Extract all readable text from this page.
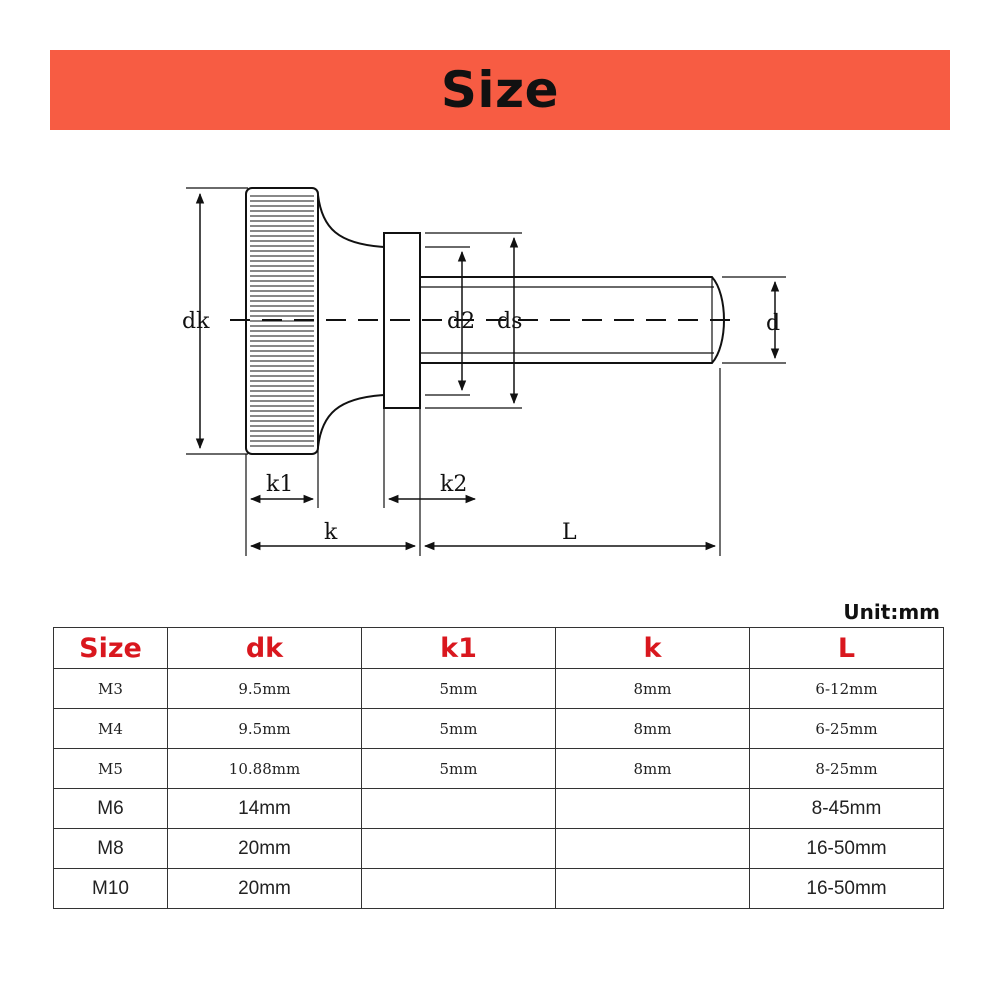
Size
dk	d2 ds	d
k1	k2
k	L
Unit:mm
Size	dk	k1	k	L
M3	9.5mm	5mm	8mm	6-12mm
M4	9.5mm	5mm	8mm	6-25mm
M5	10.88mm	5mm	8mm	8-25mm
M6	14mm			8-45mm
M8	20mm			16-50mm
M10	20mm			16-50mm
